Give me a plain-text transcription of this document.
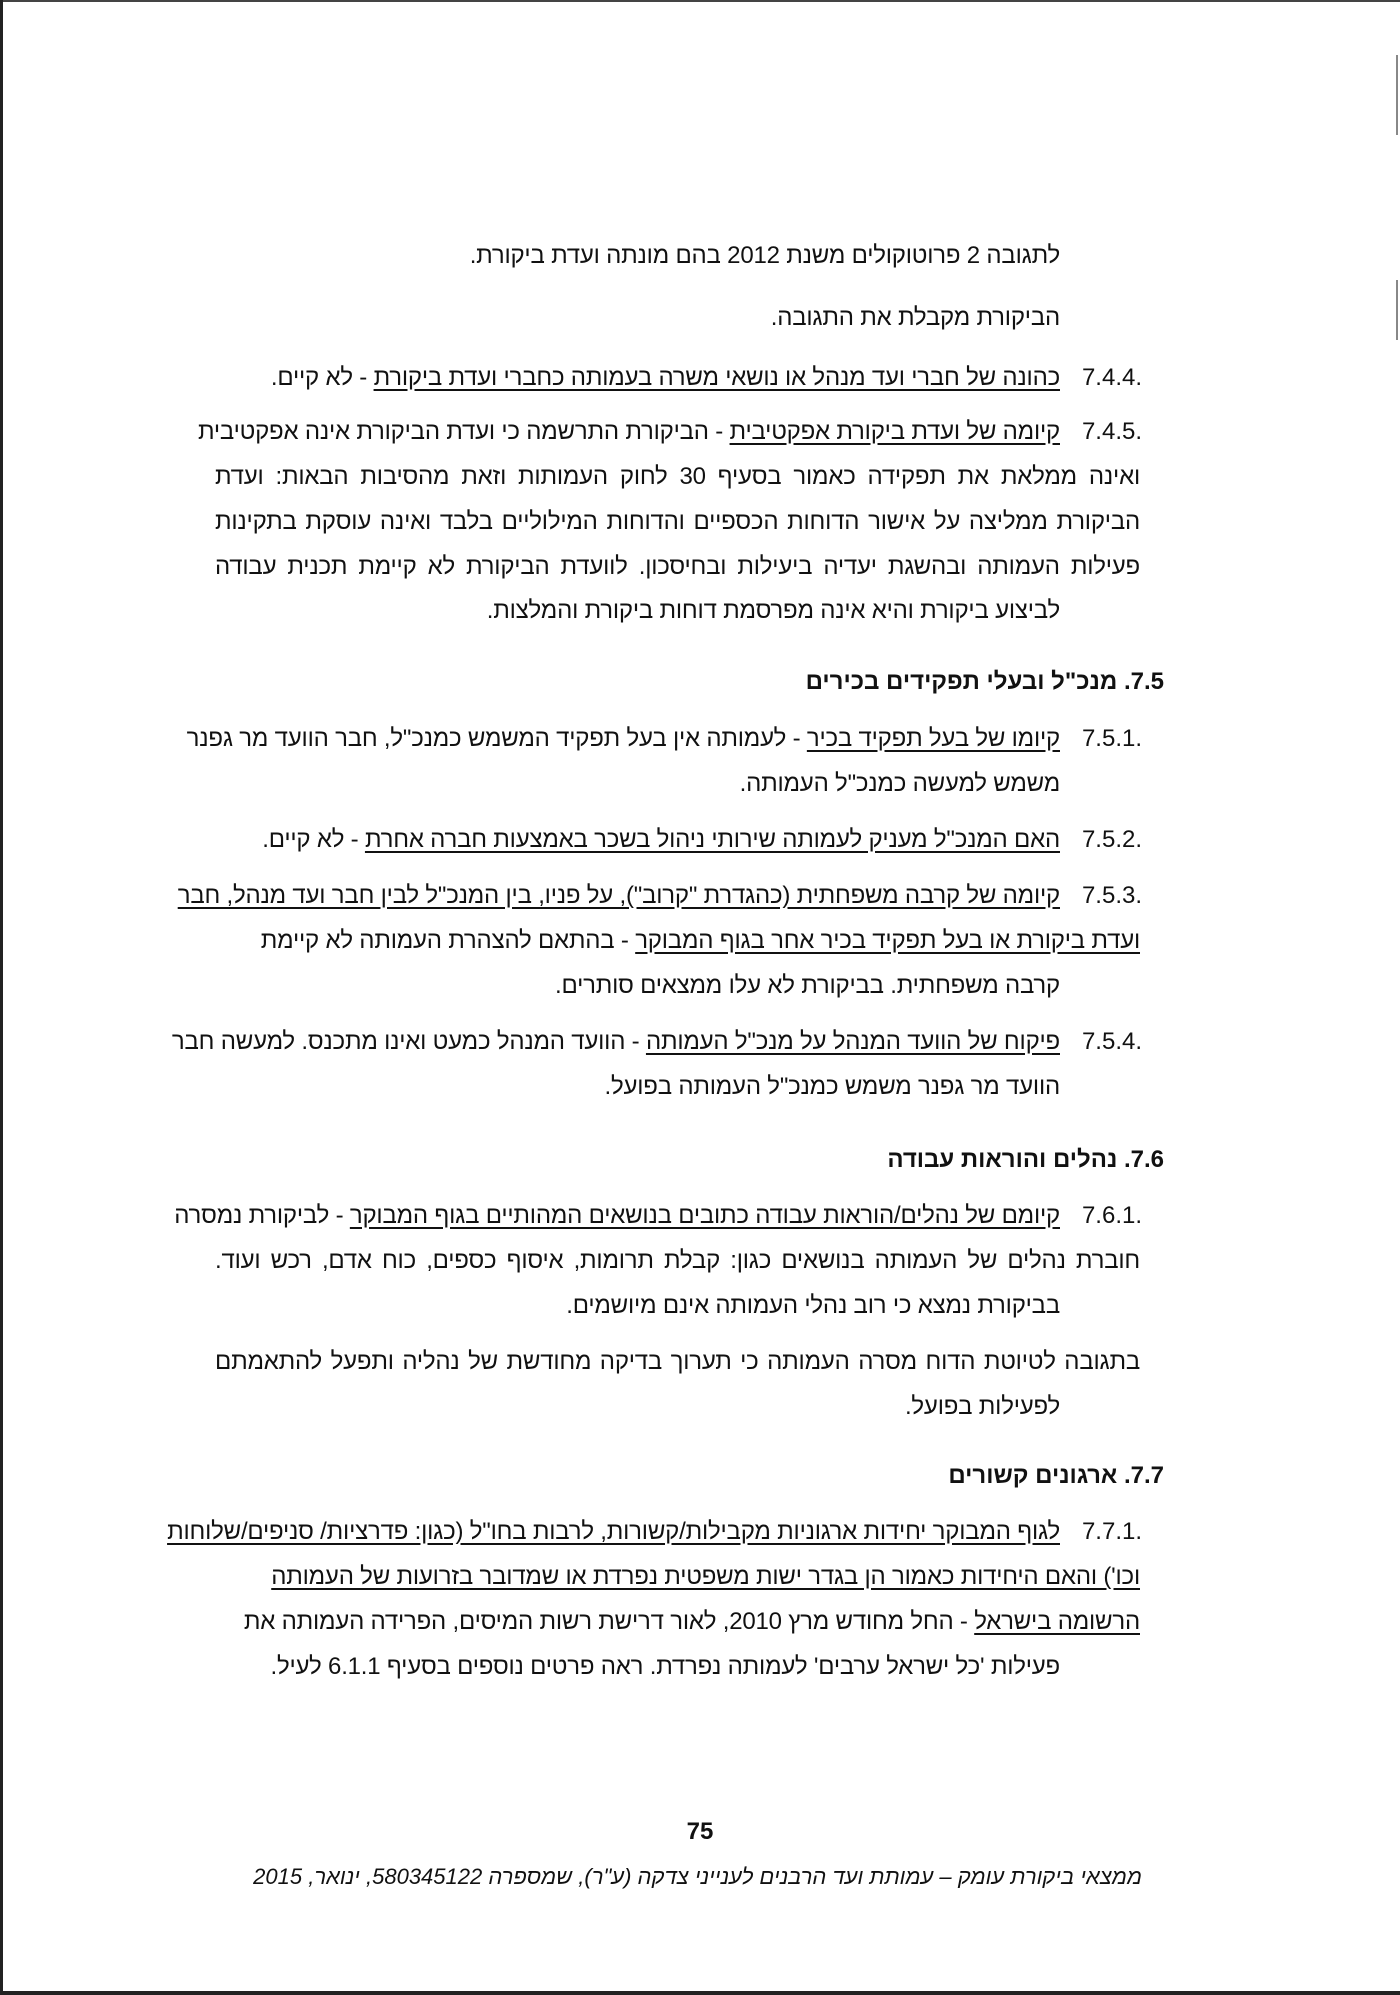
לתגובה 2 פרוטוקולים משנת 2012 בהם מונתה ועדת ביקורת.
הביקורת מקבלת את התגובה.
7.4.4.
כהונה של חברי ועד מנהל או נושאי משרה בעמותה כחברי ועדת ביקורת - לא קיים.
7.4.5.
קיומה של ועדת ביקורת אפקטיבית - הביקורת התרשמה כי ועדת הביקורת אינה אפקטיבית
ואינה ממלאת את תפקידה כאמור בסעיף 30 לחוק העמותות וזאת מהסיבות הבאות: ועדת
הביקורת ממליצה על אישור הדוחות הכספיים והדוחות המילוליים בלבד ואינה עוסקת בתקינות
פעילות העמותה ובהשגת יעדיה ביעילות ובחיסכון. לוועדת הביקורת לא קיימת תכנית עבודה
לביצוע ביקורת והיא אינה מפרסמת דוחות ביקורת והמלצות.
7.5. מנכ"ל ובעלי תפקידים בכירים
7.5.1.
קיומו של בעל תפקיד בכיר - לעמותה אין בעל תפקיד המשמש כמנכ"ל, חבר הוועד מר גפנר
משמש למעשה כמנכ"ל העמותה.
7.5.2.
האם המנכ"ל מעניק לעמותה שירותי ניהול בשכר באמצעות חברה אחרת - לא קיים.
7.5.3.
קיומה של קרבה משפחתית (כהגדרת "קרוב"), על פניו, בין המנכ"ל לבין חבר ועד מנהל, חבר
ועדת ביקורת או בעל תפקיד בכיר אחר בגוף המבוקר - בהתאם להצהרת העמותה לא קיימת
קרבה משפחתית. בביקורת לא עלו ממצאים סותרים.
7.5.4.
פיקוח של הוועד המנהל על מנכ"ל העמותה - הוועד המנהל כמעט ואינו מתכנס. למעשה חבר
הוועד מר גפנר משמש כמנכ"ל העמותה בפועל.
7.6. נהלים והוראות עבודה
7.6.1.
קיומם של נהלים/הוראות עבודה כתובים בנושאים המהותיים בגוף המבוקר - לביקורת נמסרה
חוברת נהלים של העמותה בנושאים כגון: קבלת תרומות, איסוף כספים, כוח אדם, רכש ועוד.
בביקורת נמצא כי רוב נהלי העמותה אינם מיושמים.
בתגובה לטיוטת הדוח מסרה העמותה כי תערוך בדיקה מחודשת של נהליה ותפעל להתאמתם
לפעילות בפועל.
7.7. ארגונים קשורים
7.7.1.
לגוף המבוקר יחידות ארגוניות מקבילות/קשורות, לרבות בחו"ל (כגון: פדרציות/ סניפים/שלוחות
וכו') והאם היחידות כאמור הן בגדר ישות משפטית נפרדת או שמדובר בזרועות של העמותה
הרשומה בישראל - החל מחודש מרץ 2010, לאור דרישת רשות המיסים, הפרידה העמותה את
פעילות 'כל ישראל ערבים' לעמותה נפרדת. ראה פרטים נוספים בסעיף 6.1.1 לעיל.
75
ממצאי ביקורת עומק – עמותת ועד הרבנים לענייני צדקה (ע"ר), שמספרה 580345122, ינואר, 2015
